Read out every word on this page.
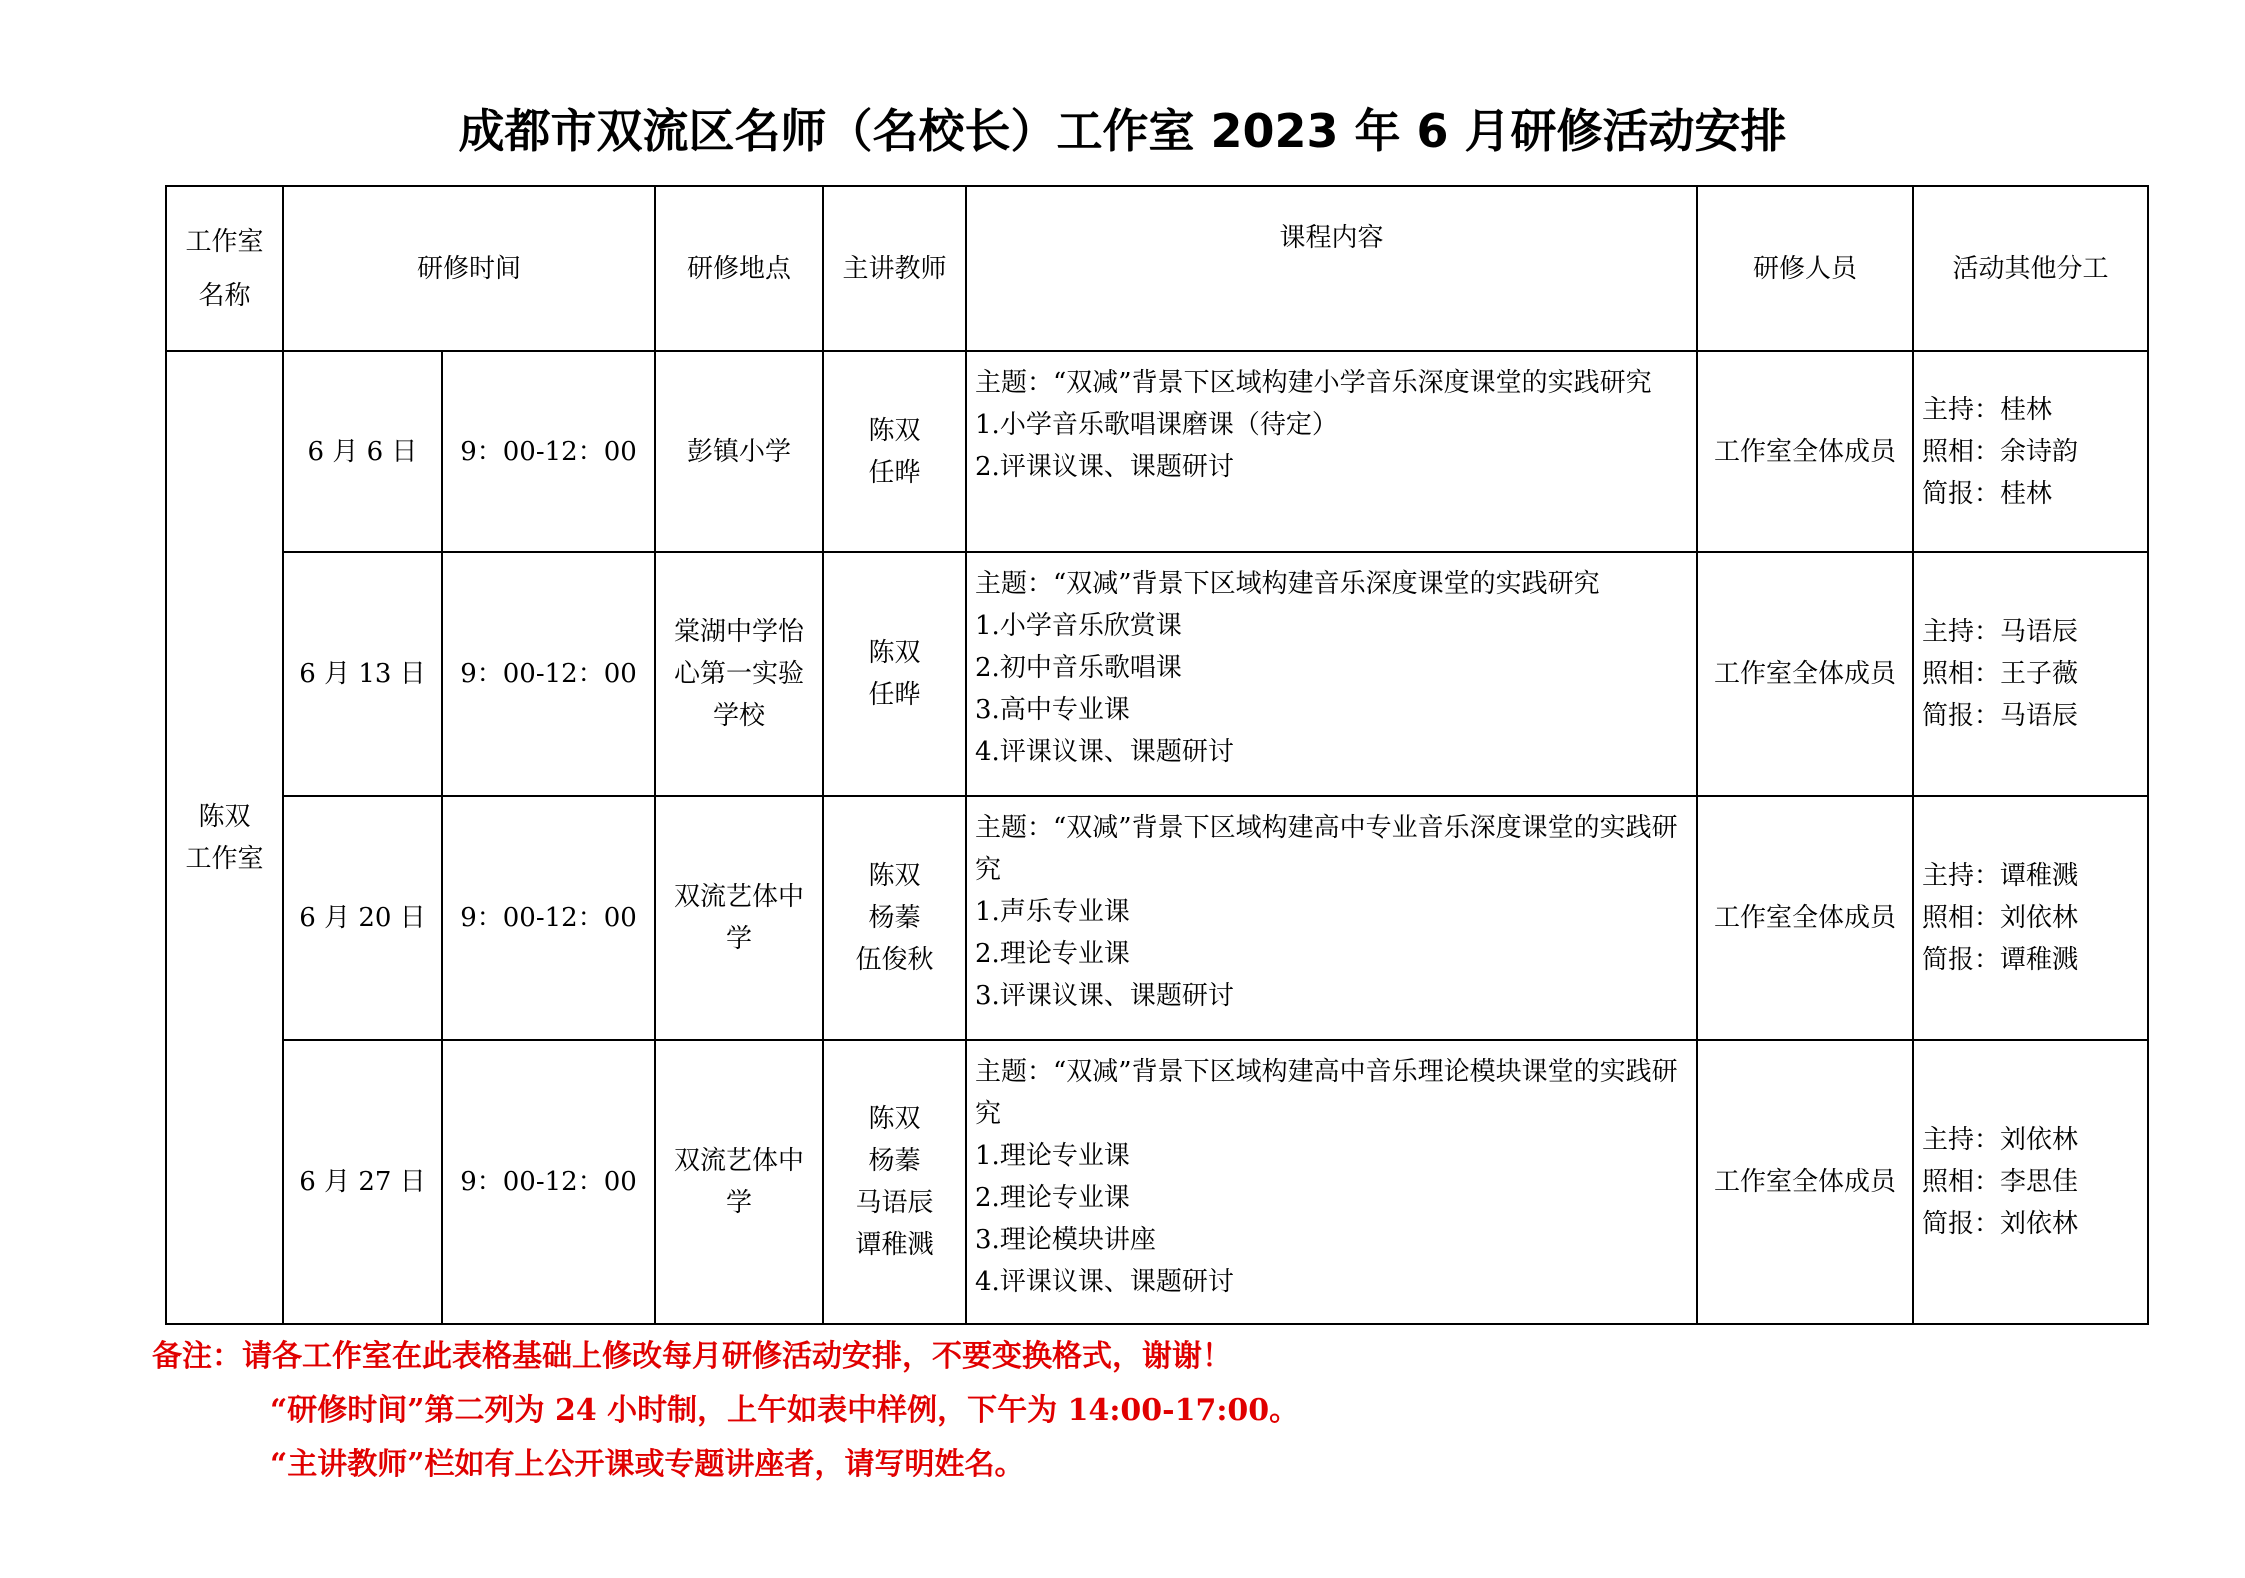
成都市双流区名师（名校长）工作室 2023 年 6 月研修活动安排
工作室
名称	研修时间		研修地点	主讲教师	课程内容	研修人员	活动其他分工

陈双
工作室	6 月 6 日	9：00-12：00	彭镇小学	陈双
任晔	主题：“双减”背景下区域构建小学音乐深度课堂的实践研究
1.小学音乐歌唱课磨课（待定）
2.评课议课、课题研讨	工作室全体成员	主持：桂林
照相：余诗韵
简报：桂林

	6 月 13 日	9：00-12：00	棠湖中学怡心第一实验学校	陈双
任晔	主题：“双减”背景下区域构建音乐深度课堂的实践研究
1.小学音乐欣赏课
2.初中音乐歌唱课
3.高中专业课
4.评课议课、课题研讨	工作室全体成员	主持：马语辰
照相：王子薇
简报：马语辰

	6 月 20 日	9：00-12：00	双流艺体中学	陈双
杨蓁
伍俊秋	主题：“双减”背景下区域构建高中专业音乐深度课堂的实践研究
1.声乐专业课
2.理论专业课
3.评课议课、课题研讨	工作室全体成员	主持：谭稚溅
照相：刘依林
简报：谭稚溅

	6 月 27 日	9：00-12：00	双流艺体中学	陈双
杨蓁
马语辰
谭稚溅	主题：“双减”背景下区域构建高中音乐理论模块课堂的实践研究
1.理论专业课
2.理论专业课
3.理论模块讲座
4.评课议课、课题研讨	工作室全体成员	主持：刘依林
照相：李思佳
简报：刘依林
备注：请各工作室在此表格基础上修改每月研修活动安排，不要变换格式，谢谢！
“研修时间”第二列为 24 小时制，上午如表中样例，下午为 14:00-17:00。
“主讲教师”栏如有上公开课或专题讲座者，请写明姓名。
